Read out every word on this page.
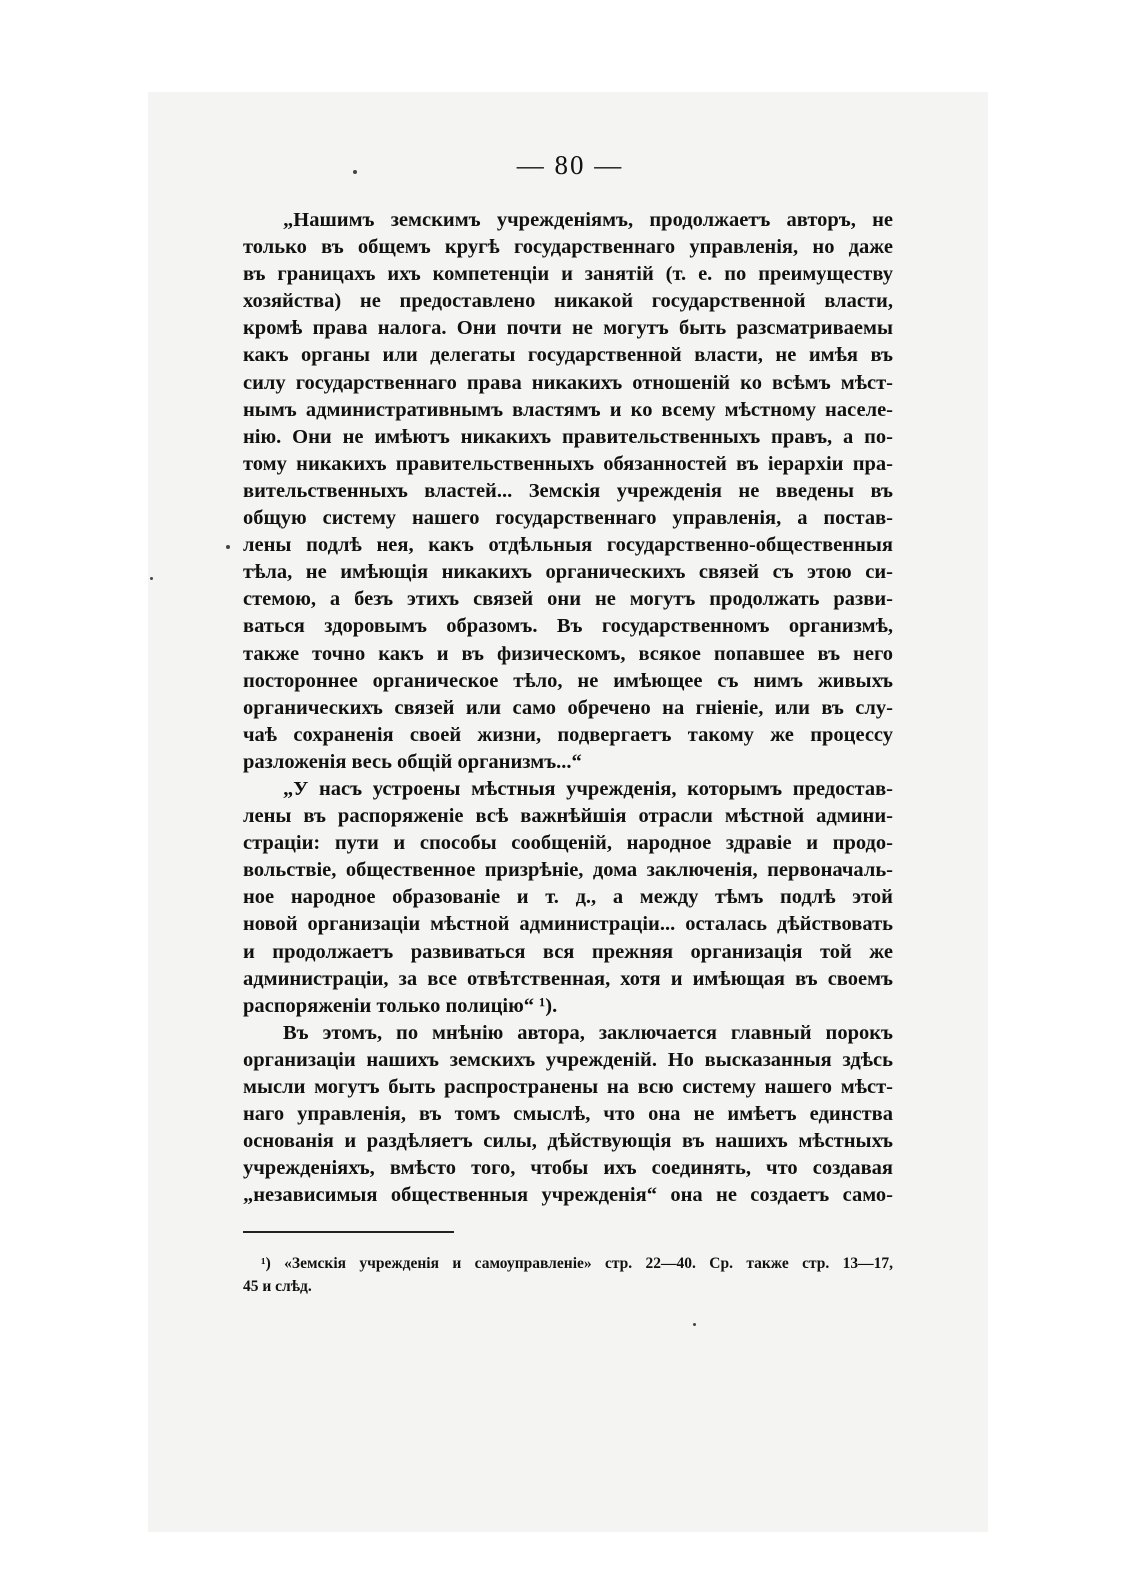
— 80 —
„Нашимъ земскимъ учрежденіямъ, продолжаетъ авторъ, не
только въ общемъ кругѣ государственнаго управленія, но даже
въ границахъ ихъ компетенціи и занятій (т. е. по преимуществу
хозяйства) не предоставлено никакой государственной власти,
кромѣ права налога. Они почти не могутъ быть разсматриваемы
какъ органы или делегаты государственной власти, не имѣя въ
силу государственнаго права никакихъ отношеній ко всѣмъ мѣст-
нымъ административнымъ властямъ и ко всему мѣстному населе-
нію. Они не имѣютъ никакихъ правительственныхъ правъ, а по-
тому никакихъ правительственныхъ обязанностей въ іерархіи пра-
вительственныхъ властей... Земскія учрежденія не введены въ
общую систему нашего государственнаго управленія, а постав-
лены подлѣ нея, какъ отдѣльныя государственно-общественныя
тѣла, не имѣющія никакихъ органическихъ связей съ этою си-
стемою, а безъ этихъ связей они не могутъ продолжать разви-
ваться здоровымъ образомъ. Въ государственномъ организмѣ,
также точно какъ и въ физическомъ, всякое попавшее въ него
постороннее органическое тѣло, не имѣющее съ нимъ живыхъ
органическихъ связей или само обречено на гніеніе, или въ слу-
чаѣ сохраненія своей жизни, подвергаетъ такому же процессу
разложенія весь общій организмъ...“
„У насъ устроены мѣстныя учрежденія, которымъ предостав-
лены въ распоряженіе всѣ важнѣйшія отрасли мѣстной админи-
страціи: пути и способы сообщеній, народное здравіе и продо-
вольствіе, общественное призрѣніе, дома заключенія, первоначаль-
ное народное образованіе и т. д., а между тѣмъ подлѣ этой
новой организаціи мѣстной администраціи... осталась дѣйствовать
и продолжаетъ развиваться вся прежняя организація той же
администраціи, за все отвѣтственная, хотя и имѣющая въ своемъ
распоряженіи только полицію“ ¹).
Въ этомъ, по мнѣнію автора, заключается главный порокъ
организаціи нашихъ земскихъ учрежденій. Но высказанныя здѣсь
мысли могутъ быть распространены на всю систему нашего мѣст-
наго управленія, въ томъ смыслѣ, что она не имѣетъ единства
основанія и раздѣляетъ силы, дѣйствующія въ нашихъ мѣстныхъ
учрежденіяхъ, вмѣсто того, чтобы ихъ соединять, что создавая
„независимыя общественныя учрежденія“ она не создаетъ само-
¹) «Земскія учрежденія и самоуправленіе» стр. 22—40. Ср. также стр. 13—17,
45 и слѣд.
